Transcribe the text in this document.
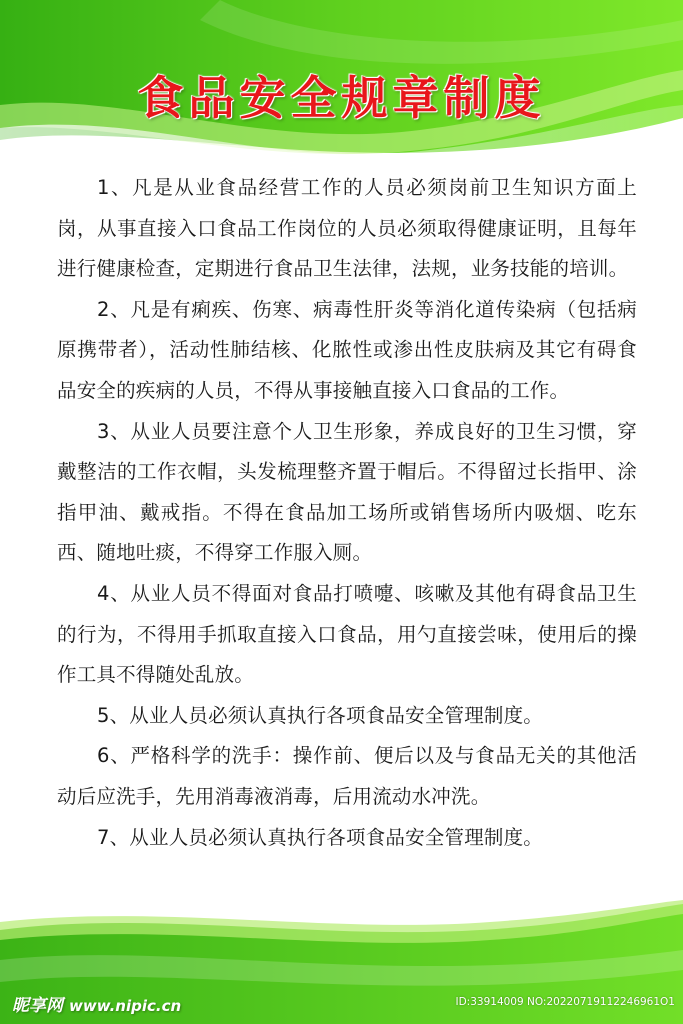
食品安全规章制度

1、凡是从业食品经营工作的人员必须岗前卫生知识方面上岗，从事直接入口食品工作岗位的人员必须取得健康证明，且每年进行健康检查，定期进行食品卫生法律，法规，业务技能的培训。

2、凡是有痢疾、伤寒、病毒性肝炎等消化道传染病（包括病原携带者），活动性肺结核、化脓性或渗出性皮肤病及其它有碍食品安全的疾病的人员，不得从事接触直接入口食品的工作。

3、从业人员要注意个人卫生形象，养成良好的卫生习惯，穿戴整洁的工作衣帽，头发梳理整齐置于帽后。不得留过长指甲、涂指甲油、戴戒指。不得在食品加工场所或销售场所内吸烟、吃东西、随地吐痰，不得穿工作服入厕。

4、从业人员不得面对食品打喷嚏、咳嗽及其他有碍食品卫生的行为，不得用手抓取直接入口食品，用勺直接尝味，使用后的操作工具不得随处乱放。

5、从业人员必须认真执行各项食品安全管理制度。

6、严格科学的洗手：操作前、便后以及与食品无关的其他活动后应洗手，先用消毒液消毒，后用流动水冲洗。

7、从业人员必须认真执行各项食品安全管理制度。

昵享网 www.nipic.cn	ID:33914009 NO:20220719112246961O1
